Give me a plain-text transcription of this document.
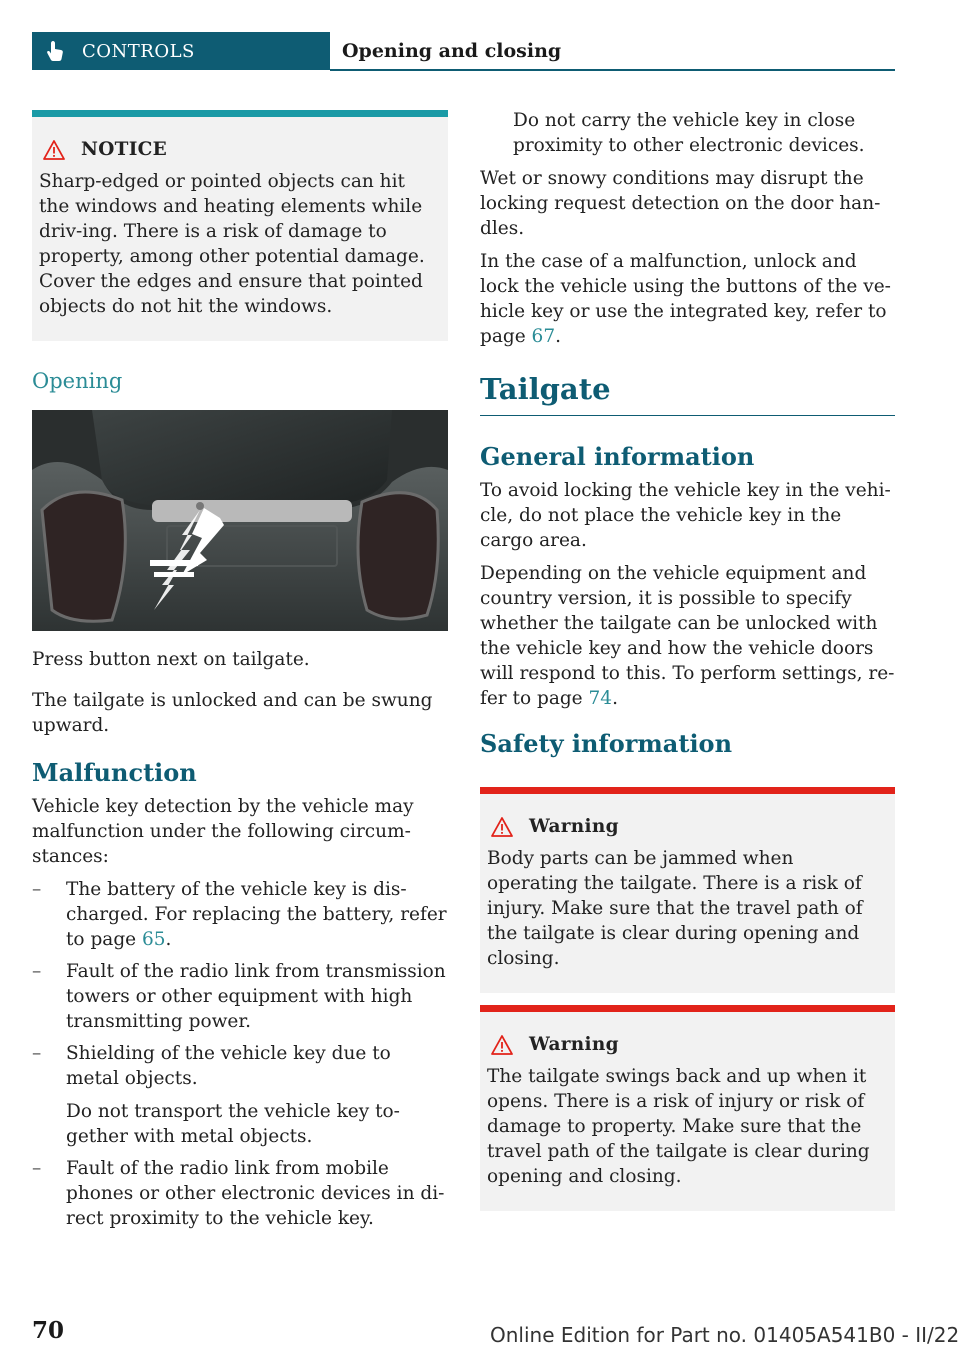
CONTROLS	Opening and closing
NOTICE
Sharp-edged or pointed objects can hit the windows and heating elements while driv-ing. There is a risk of damage to property, among other potential damage. Cover the edges and ensure that pointed objects do not hit the windows.
Opening

Press button next on tailgate.

The tailgate is unlocked and can be swung upward.

Malfunction

Vehicle key detection by the vehicle may malfunction under the following circum-stances:

– The battery of the vehicle key is dis-charged. For replacing the battery, refer to page 65.
– Fault of the radio link from transmission towers or other equipment with high transmitting power.
– Shielding of the vehicle key due to metal objects.
Do not transport the vehicle key to-gether with metal objects.
– Fault of the radio link from mobile phones or other electronic devices in di-rect proximity to the vehicle key.
Do not carry the vehicle key in close proximity to other electronic devices.

Wet or snowy conditions may disrupt the locking request detection on the door han-dles.

In the case of a malfunction, unlock and lock the vehicle using the buttons of the ve-hicle key or use the integrated key, refer to page 67.

Tailgate
General information

To avoid locking the vehicle key in the vehi-cle, do not place the vehicle key in the cargo area.

Depending on the vehicle equipment and country version, it is possible to specify whether the tailgate can be unlocked with the vehicle key and how the vehicle doors will respond to this. To perform settings, re-fer to page 74.

Safety information
Warning
Body parts can be jammed when operating the tailgate. There is a risk of injury. Make sure that the travel path of the tailgate is clear during opening and closing.
Warning
The tailgate swings back and up when it opens. There is a risk of injury or risk of damage to property. Make sure that the travel path of the tailgate is clear during opening and closing.
70	Online Edition for Part no. 01405A541B0 - II/22
